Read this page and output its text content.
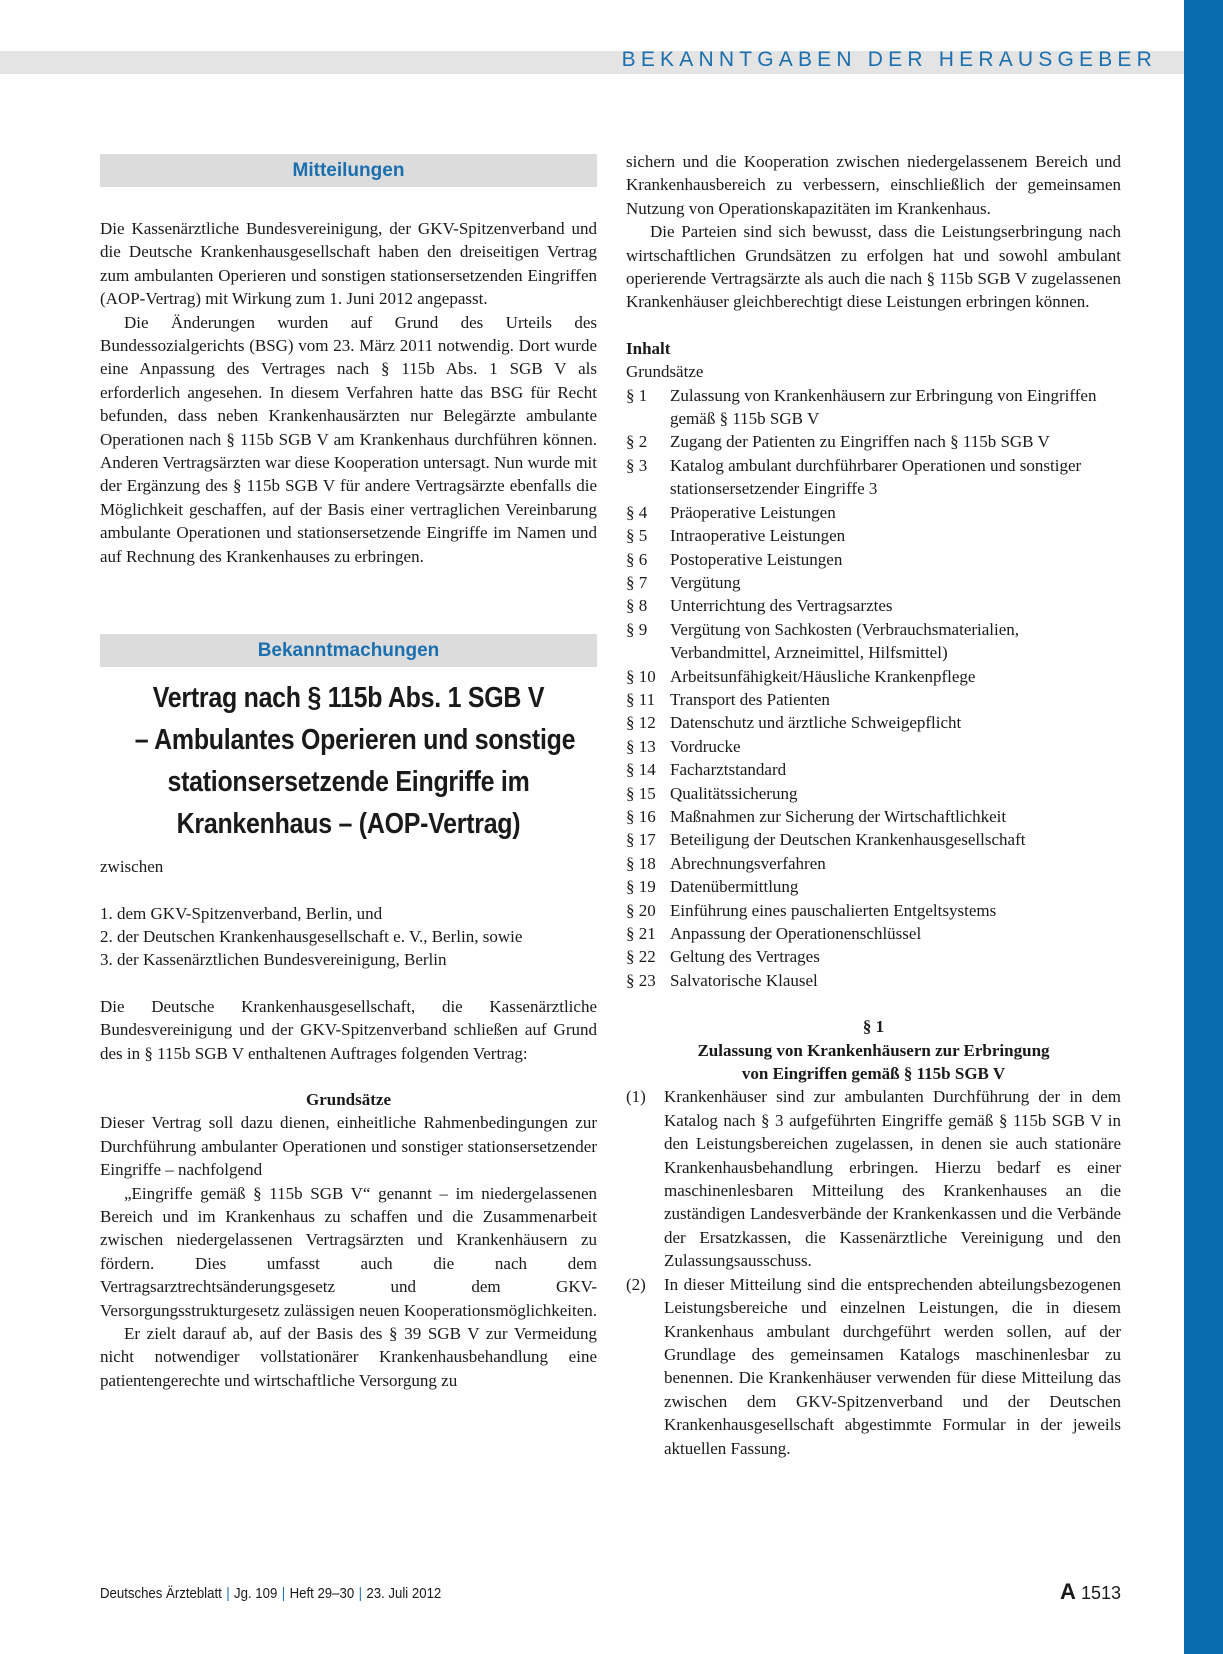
BEKANNTGABEN DER HERAUSGEBER
Mitteilungen

Die Kassenärztliche Bundesvereinigung, der GKV-Spitzenverband und die Deutsche Krankenhausgesellschaft haben den dreiseitigen Vertrag zum ambulanten Operieren und sonstigen stationsersetzenden Eingriffen (AOP-Vertrag) mit Wirkung zum 1. Juni 2012 angepasst.

Die Änderungen wurden auf Grund des Urteils des Bundessozialgerichts (BSG) vom 23. März 2011 notwendig. Dort wurde eine Anpassung des Vertrages nach § 115b Abs. 1 SGB V als erforderlich angesehen. In diesem Verfahren hatte das BSG für Recht befunden, dass neben Krankenhausärzten nur Belegärzte ambulante Operationen nach § 115b SGB V am Krankenhaus durchführen können. Anderen Vertragsärzten war diese Kooperation untersagt. Nun wurde mit der Ergänzung des § 115b SGB V für andere Vertragsärzte ebenfalls die Möglichkeit geschaffen, auf der Basis einer vertraglichen Vereinbarung ambulante Operationen und stationsersetzende Eingriffe im Namen und auf Rechnung des Krankenhauses zu erbringen.

Bekanntmachungen
Vertrag nach § 115b Abs. 1 SGB V
– Ambulantes Operieren und sonstige
stationsersetzende Eingriffe im
Krankenhaus – (AOP-Vertrag)

zwischen

1. dem GKV-Spitzenverband, Berlin, und

2. der Deutschen Krankenhausgesellschaft e. V., Berlin, sowie

3. der Kassenärztlichen Bundesvereinigung, Berlin

Die Deutsche Krankenhausgesellschaft, die Kassenärztliche Bundesvereinigung und der GKV-Spitzenverband schließen auf Grund des in § 115b SGB V enthaltenen Auftrages folgenden Vertrag:

Grundsätze

Dieser Vertrag soll dazu dienen, einheitliche Rahmenbedingungen zur Durchführung ambulanter Operationen und sonstiger stationsersetzender Eingriffe – nachfolgend

„Eingriffe gemäß § 115b SGB V“ genannt – im niedergelassenen Bereich und im Krankenhaus zu schaffen und die Zusammenarbeit zwischen niedergelassenen Vertragsärzten und Krankenhäusern zu fördern. Dies umfasst auch die nach dem Vertragsarztrechtsänderungsgesetz und dem GKV-Versorgungsstrukturgesetz zulässigen neuen Kooperationsmöglichkeiten.

Er zielt darauf ab, auf der Basis des § 39 SGB V zur Vermeidung nicht notwendiger vollstationärer Krankenhausbehandlung eine patientengerechte und wirtschaftliche Versorgung zu

sichern und die Kooperation zwischen niedergelassenem Bereich und Krankenhausbereich zu verbessern, einschließlich der gemeinsamen Nutzung von Operationskapazitäten im Krankenhaus.

Die Parteien sind sich bewusst, dass die Leistungserbringung nach wirtschaftlichen Grundsätzen zu erfolgen hat und sowohl ambulant operierende Vertragsärzte als auch die nach § 115b SGB V zugelassenen Krankenhäuser gleichberechtigt diese Leistungen erbringen können.

Inhalt

Grundsätze

§ 1	Zulassung von Krankenhäusern zur Erbringung von Eingriffen gemäß § 115b SGB V
§ 2	Zugang der Patienten zu Eingriffen nach § 115b SGB V
§ 3	Katalog ambulant durchführbarer Operationen und sonstiger stationsersetzender Eingriffe 3
§ 4	Präoperative Leistungen
§ 5	Intraoperative Leistungen
§ 6	Postoperative Leistungen
§ 7	Vergütung
§ 8	Unterrichtung des Vertragsarztes
§ 9	Vergütung von Sachkosten (Verbrauchsmaterialien, Verbandmittel, Arzneimittel, Hilfsmittel)
§ 10 Arbeitsunfähigkeit/Häusliche Krankenpflege
§ 11 Transport des Patienten
§ 12 Datenschutz und ärztliche Schweigepflicht
§ 13 Vordrucke
§ 14 Facharztstandard
§ 15 Qualitätssicherung
§ 16 Maßnahmen zur Sicherung der Wirtschaftlichkeit
§ 17 Beteiligung der Deutschen Krankenhausgesellschaft
§ 18 Abrechnungsverfahren
§ 19 Datenübermittlung
§ 20 Einführung eines pauschalierten Entgeltsystems
§ 21 Anpassung der Operationenschlüssel
§ 22 Geltung des Vertrages
§ 23 Salvatorische Klausel

§ 1

Zulassung von Krankenhäusern zur Erbringung

von Eingriffen gemäß § 115b SGB V

(1)	Krankenhäuser sind zur ambulanten Durchführung der in dem Katalog nach § 3 aufgeführten Eingriffe gemäß § 115b SGB V in den Leistungsbereichen zugelassen, in denen sie auch stationäre Krankenhausbehandlung erbringen. Hierzu bedarf es einer maschinenlesbaren Mitteilung des Krankenhauses an die zuständigen Landesverbände der Krankenkassen und die Verbände der Ersatzkassen, die Kassenärztliche Vereinigung und den Zulassungsausschuss.
(2)	In dieser Mitteilung sind die entsprechenden abteilungsbezogenen Leistungsbereiche und einzelnen Leistungen, die in diesem Krankenhaus ambulant durchgeführt werden sollen, auf der Grundlage des gemeinsamen Katalogs maschinenlesbar zu benennen. Die Krankenhäuser verwenden für diese Mitteilung das zwischen dem GKV-Spitzenverband und der Deutschen Krankenhausgesellschaft abgestimmte Formular in der jeweils aktuellen Fassung.
Deutsches Ärzteblatt | Jg. 109 | Heft 29–30 | 23. Juli 2012	A 1513
